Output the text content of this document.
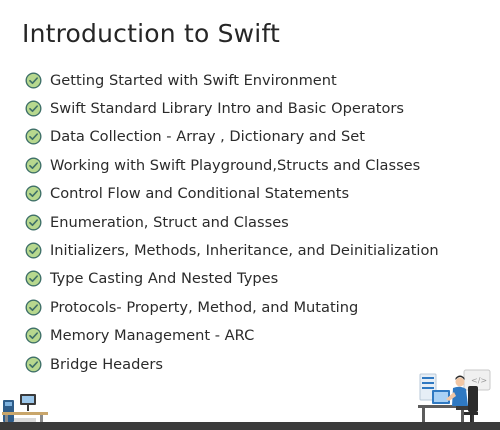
Introduction to Swift
Getting Started with Swift Environment
Swift Standard Library Intro and Basic Operators
Data Collection - Array , Dictionary and Set
Working with Swift Playground,Structs and Classes
Control Flow and Conditional Statements
Enumeration, Struct and Classes
Initializers, Methods, Inheritance, and Deinitialization
Type Casting And Nested Types
Protocols- Property, Method, and Mutating
Memory Management - ARC
Bridge Headers
</>
